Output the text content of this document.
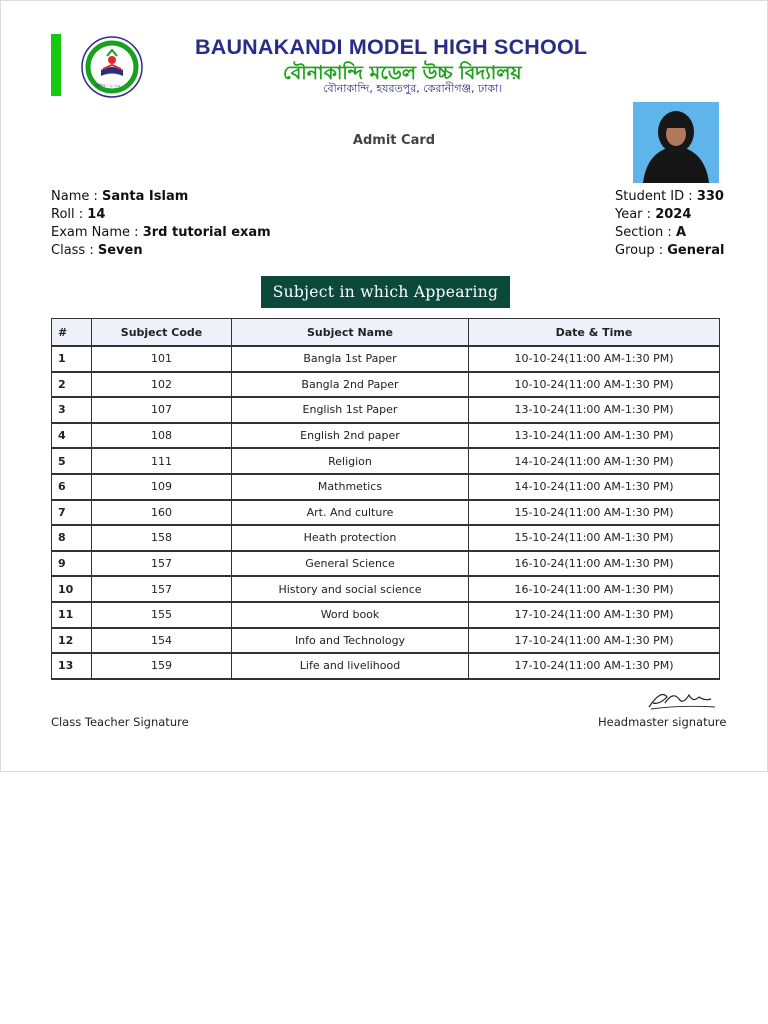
স্থাপিত : ২০২৩
BAUNAKANDI MODEL HIGH SCHOOL
বৌনাকান্দি মডেল উচ্চ বিদ্যালয়
বৌনাকান্দি, হযরতপুর, কেরানীগঞ্জ, ঢাকা।
Admit Card
Name : Santa Islam
Roll : 14
Exam Name : 3rd tutorial exam
Class : Seven
Student ID : 330
Year : 2024
Section : A
Group : General
Subject in which Appearing
#	Subject Code	Subject Name	Date & Time
1	101	Bangla 1st Paper	10-10-24(11:00 AM-1:30 PM)
2	102	Bangla 2nd Paper	10-10-24(11:00 AM-1:30 PM)
3	107	English 1st Paper	13-10-24(11:00 AM-1:30 PM)
4	108	English 2nd paper	13-10-24(11:00 AM-1:30 PM)
5	111	Religion	14-10-24(11:00 AM-1:30 PM)
6	109	Mathmetics	14-10-24(11:00 AM-1:30 PM)
7	160	Art. And culture	15-10-24(11:00 AM-1:30 PM)
8	158	Heath protection	15-10-24(11:00 AM-1:30 PM)
9	157	General Science	16-10-24(11:00 AM-1:30 PM)
10	157	History and social science	16-10-24(11:00 AM-1:30 PM)
11	155	Word book	17-10-24(11:00 AM-1:30 PM)
12	154	Info and Technology	17-10-24(11:00 AM-1:30 PM)
13	159	Life and livelihood	17-10-24(11:00 AM-1:30 PM)
Class Teacher Signature	Headmaster signature
